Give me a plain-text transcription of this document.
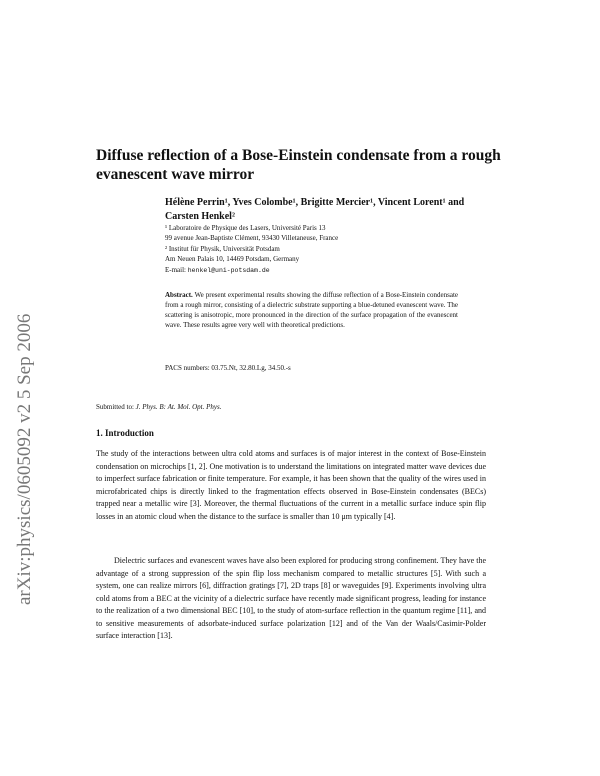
arXiv:physics/0605092 v2 5 Sep 2006
Diffuse reflection of a Bose-Einstein condensate from a rough evanescent wave mirror
Hélène Perrin¹, Yves Colombe¹, Brigitte Mercier¹, Vincent Lorent¹ and Carsten Henkel²
¹ Laboratoire de Physique des Lasers, Université Paris 13
99 avenue Jean-Baptiste Clément, 93430 Villetaneuse, France
² Institut für Physik, Universität Potsdam
Am Neuen Palais 10, 14469 Potsdam, Germany
E-mail: henkel@uni-potsdam.de
Abstract. We present experimental results showing the diffuse reflection of a Bose-Einstein condensate from a rough mirror, consisting of a dielectric substrate supporting a blue-detuned evanescent wave. The scattering is anisotropic, more pronounced in the direction of the surface propagation of the evanescent wave. These results agree very well with theoretical predictions.
PACS numbers: 03.75.Nt, 32.80.Lg, 34.50.-s
Submitted to: J. Phys. B: At. Mol. Opt. Phys.
1. Introduction

The study of the interactions between ultra cold atoms and surfaces is of major interest in the context of Bose-Einstein condensation on microchips [1, 2]. One motivation is to understand the limitations on integrated matter wave devices due to imperfect surface fabrication or finite temperature. For example, it has been shown that the quality of the wires used in microfabricated chips is directly linked to the fragmentation effects observed in Bose-Einstein condensates (BECs) trapped near a metallic wire [3]. Moreover, the thermal fluctuations of the current in a metallic surface induce spin flip losses in an atomic cloud when the distance to the surface is smaller than 10 μm typically [4].

Dielectric surfaces and evanescent waves have also been explored for producing strong confinement. They have the advantage of a strong suppression of the spin flip loss mechanism compared to metallic structures [5]. With such a system, one can realize mirrors [6], diffraction gratings [7], 2D traps [8] or waveguides [9]. Experiments involving ultra cold atoms from a BEC at the vicinity of a dielectric surface have recently made significant progress, leading for instance to the realization of a two dimensional BEC [10], to the study of atom-surface reflection in the quantum regime [11], and to sensitive measurements of adsorbate-induced surface polarization [12] and of the Van der Waals/Casimir-Polder surface interaction [13].
